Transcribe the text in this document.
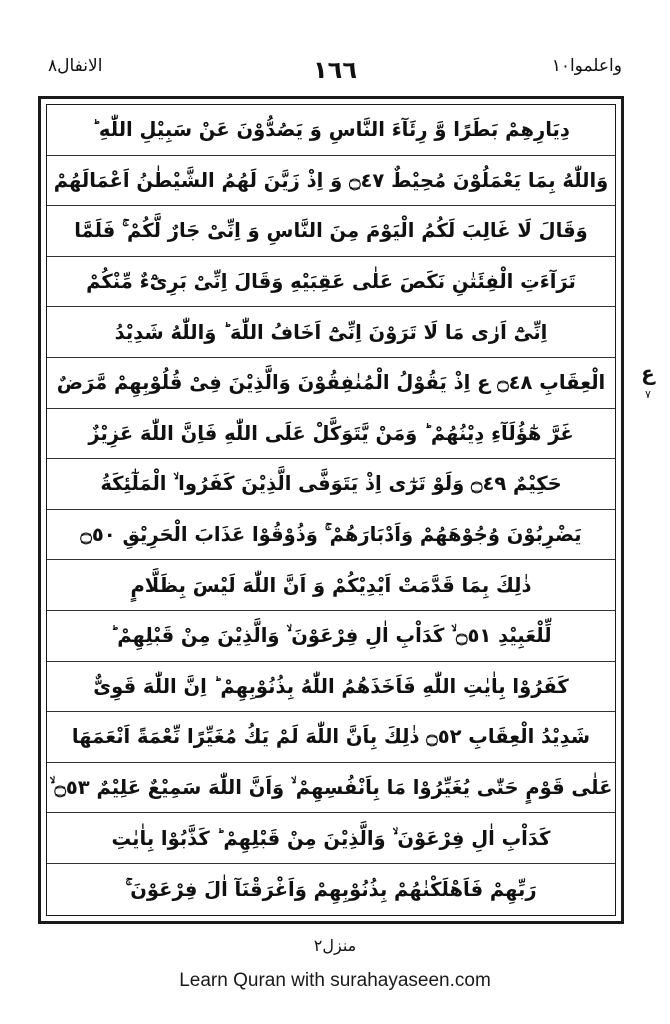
الانفال٨	١٦٦	واعلموا١٠
دِيَارِهِمْ بَطَرًا وَّ رِئَآءَ النَّاسِ وَ يَصُدُّوْنَ عَنْ سَبِيْلِ اللّٰهِ ؕ
وَاللّٰهُ بِمَا يَعْمَلُوْنَ مُحِيْطٌ ۝٤٧ وَ اِذْ زَيَّنَ لَهُمُ الشَّيْطٰنُ اَعْمَالَهُمْ
وَقَالَ لَا غَالِبَ لَكُمُ الْيَوْمَ مِنَ النَّاسِ وَ اِنِّىْ جَارٌ لَّكُمْ ۚ فَلَمَّا
تَرَآءَتِ الْفِئَتٰنِ نَكَصَ عَلٰى عَقِبَيْهِ وَقَالَ اِنِّىْ بَرِىْٓءٌ مِّنْكُمْ
اِنِّىْٓ اَرٰى مَا لَا تَرَوْنَ اِنِّىْٓ اَخَافُ اللّٰهَ ؕ وَاللّٰهُ شَدِيْدُ
الْعِقَابِ ۝٤٨ ع اِذْ يَقُوْلُ الْمُنٰفِقُوْنَ وَالَّذِيْنَ فِىْ قُلُوْبِهِمْ مَّرَضٌ
غَرَّ هٰٓؤُلَآءِ دِيْنُهُمْ ؕ وَمَنْ يَّتَوَكَّلْ عَلَى اللّٰهِ فَاِنَّ اللّٰهَ عَزِيْزٌ
حَكِيْمٌ ۝٤٩ وَلَوْ تَرٰٓى اِذْ يَتَوَفَّى الَّذِيْنَ كَفَرُوا ۙ الْمَلٰٓئِكَةُ
يَضْرِبُوْنَ وُجُوْهَهُمْ وَاَدْبَارَهُمْ ۚ وَذُوْقُوْا عَذَابَ الْحَرِيْقِ ۝٥٠
ذٰلِكَ بِمَا قَدَّمَتْ اَيْدِيْكُمْ وَ اَنَّ اللّٰهَ لَيْسَ بِظَلَّامٍ
لِّلْعَبِيْدِ ۝٥١ ۙ كَدَاْبِ اٰلِ فِرْعَوْنَ ۙ وَالَّذِيْنَ مِنْ قَبْلِهِمْ ؕ
كَفَرُوْا بِاٰيٰتِ اللّٰهِ فَاَخَذَهُمُ اللّٰهُ بِذُنُوْبِهِمْ ؕ اِنَّ اللّٰهَ قَوِىٌّ
شَدِيْدُ الْعِقَابِ ۝٥٢ ذٰلِكَ بِاَنَّ اللّٰهَ لَمْ يَكُ مُغَيِّرًا نِّعْمَةً اَنْعَمَهَا
عَلٰى قَوْمٍ حَتّٰى يُغَيِّرُوْا مَا بِاَنْفُسِهِمْ ۙ وَاَنَّ اللّٰهَ سَمِيْعٌ عَلِيْمٌ ۝٥٣ ۙ
كَدَاْبِ اٰلِ فِرْعَوْنَ ۙ وَالَّذِيْنَ مِنْ قَبْلِهِمْ ؕ كَذَّبُوْا بِاٰيٰتِ
رَبِّهِمْ فَاَهْلَكْنٰهُمْ بِذُنُوْبِهِمْ وَاَغْرَقْنَآ اٰلَ فِرْعَوْنَ ۚ
ع
٧
منزل٢
Learn Quran with surahayaseen.com
